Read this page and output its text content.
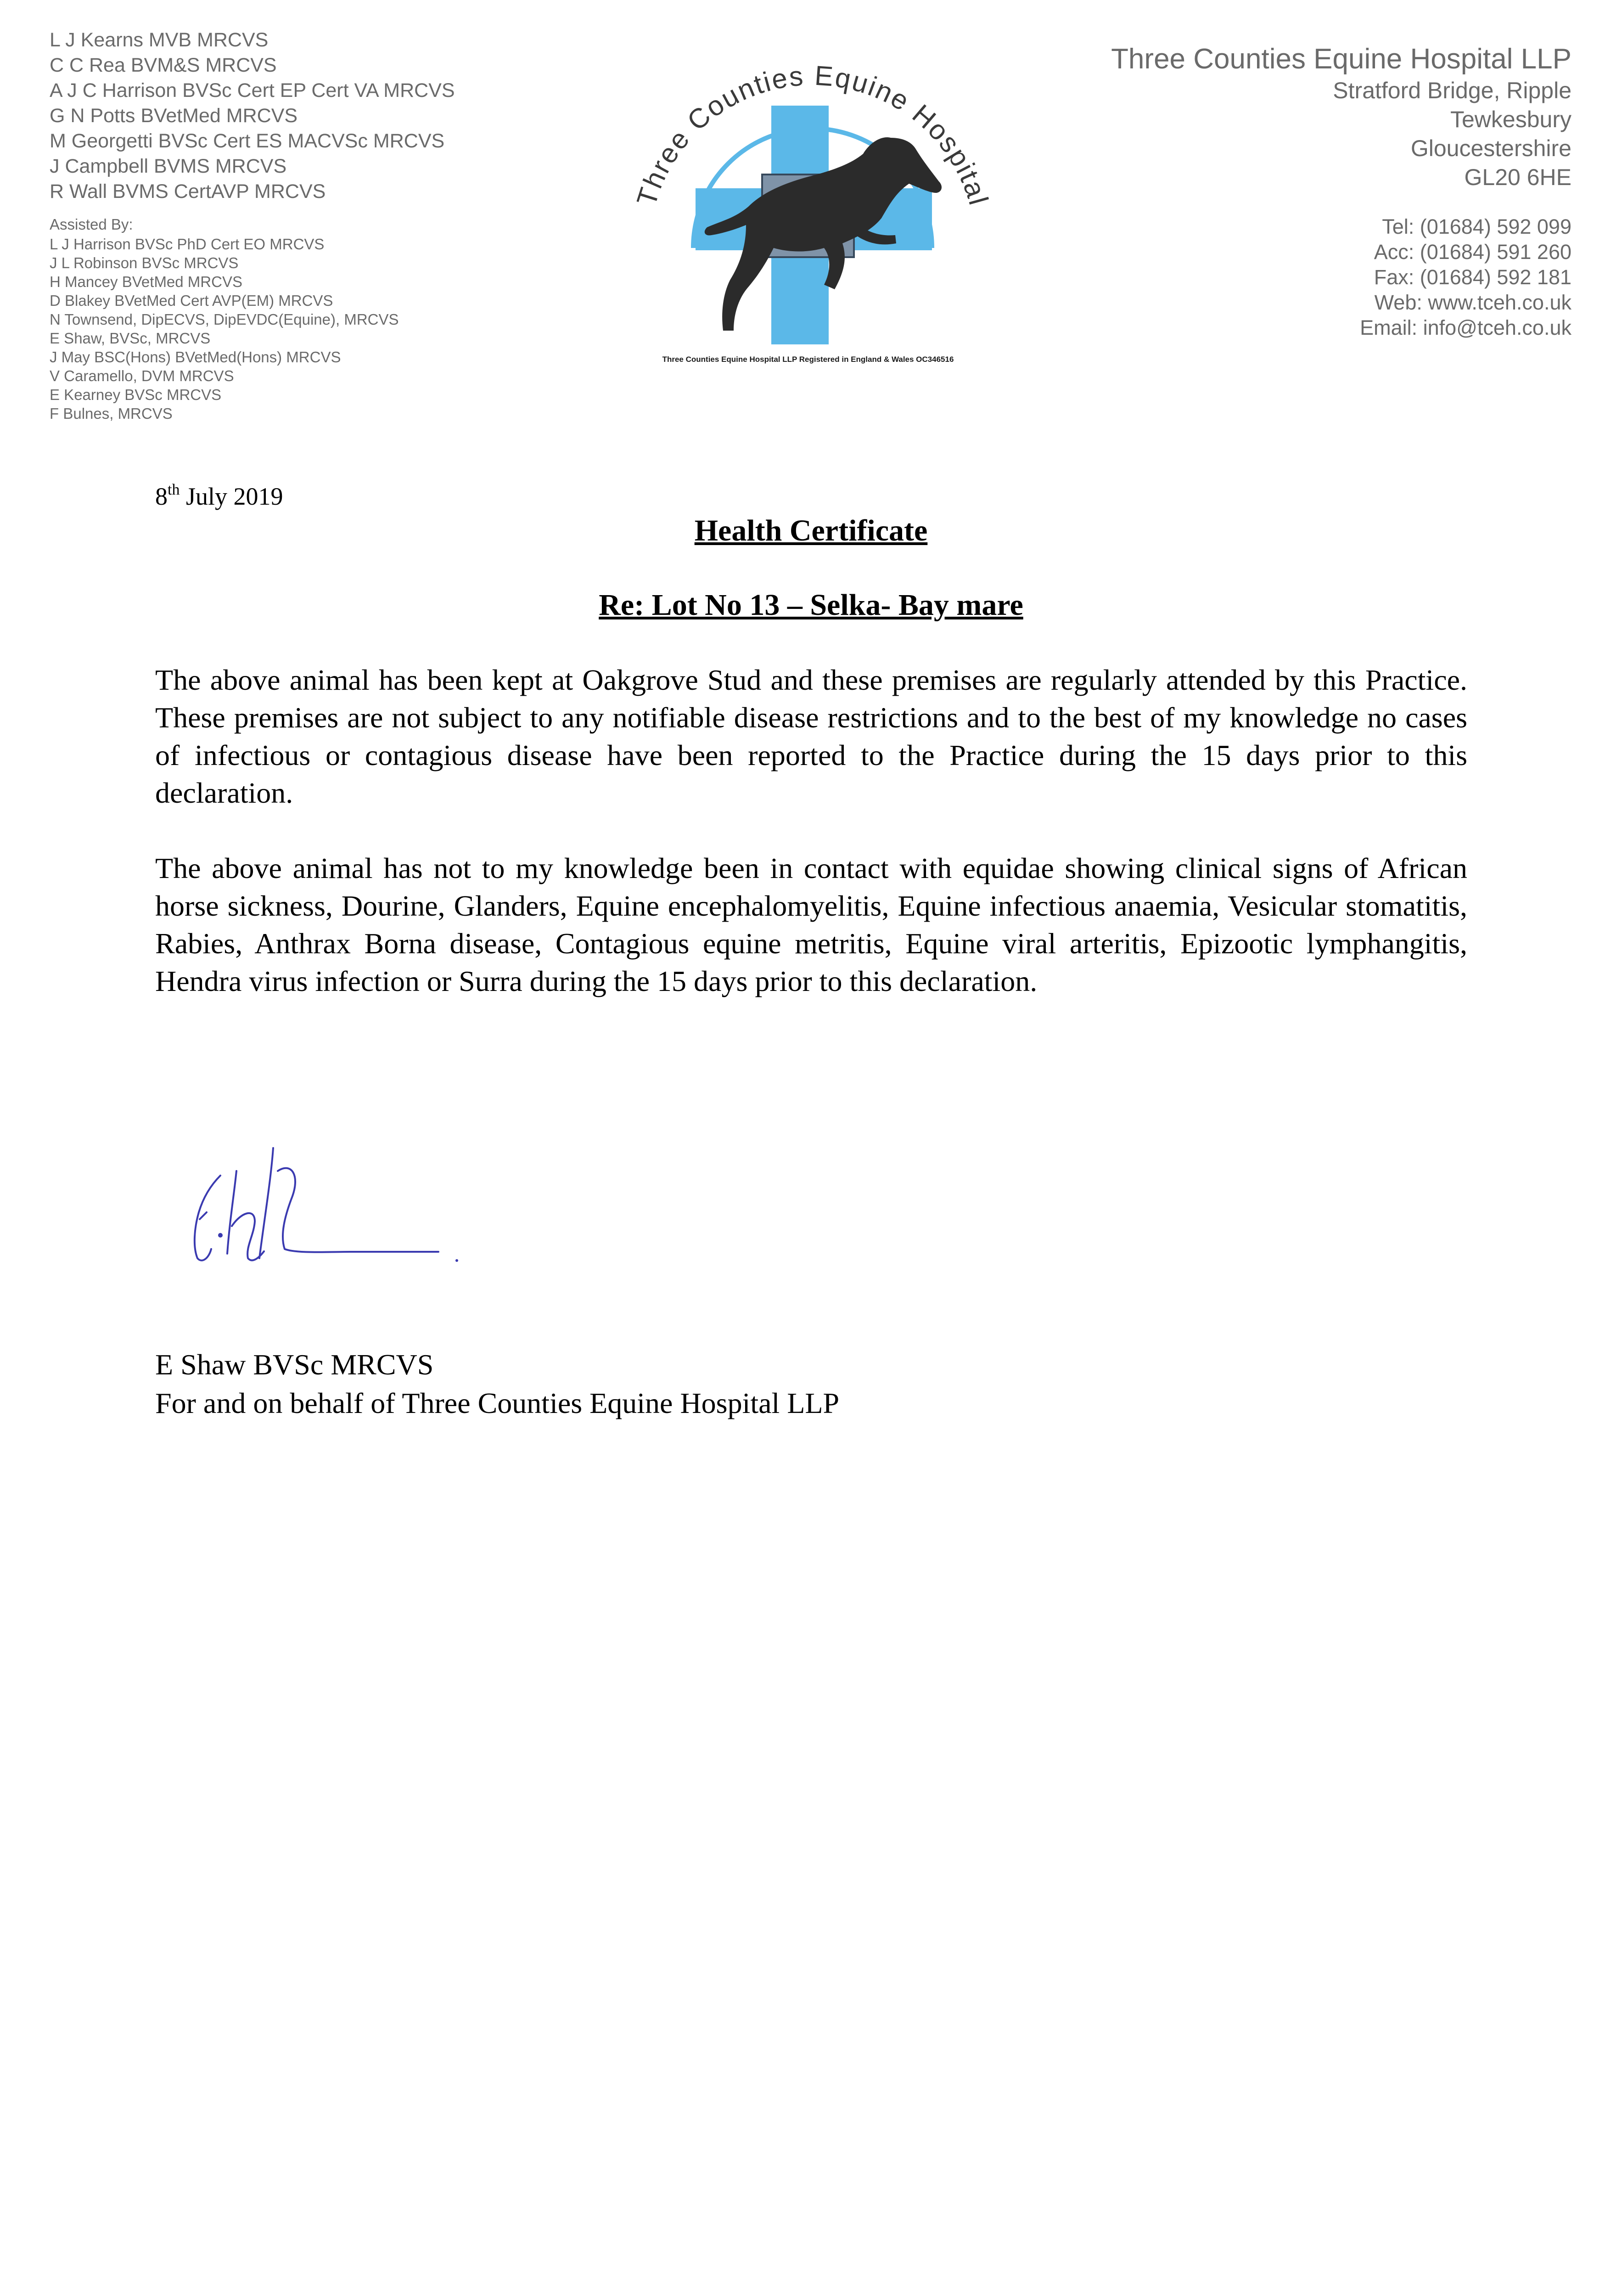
L J Kearns MVB MRCVS
C C Rea BVM&S MRCVS
A J C Harrison BVSc Cert EP Cert VA MRCVS
G N Potts BVetMed MRCVS
M Georgetti BVSc Cert ES MACVSc MRCVS
J Campbell BVMS MRCVS
R Wall BVMS CertAVP MRCVS
Assisted By:
L J Harrison BVSc PhD Cert EO MRCVS
J L Robinson BVSc MRCVS
H Mancey BVetMed MRCVS
D Blakey BVetMed Cert AVP(EM) MRCVS
N Townsend, DipECVS, DipEVDC(Equine), MRCVS
E Shaw, BVSc, MRCVS
J May BSC(Hons) BVetMed(Hons) MRCVS
V Caramello, DVM MRCVS
E Kearney BVSc MRCVS
F Bulnes, MRCVS
Three Counties Equine Hospital
Three Counties Equine Hospital LLP Registered in England & Wales OC346516
Three Counties Equine Hospital LLP
Stratford Bridge, Ripple
Tewkesbury
Gloucestershire
GL20 6HE
Tel: (01684) 592 099
Acc: (01684) 591 260
Fax: (01684) 592 181
Web: www.tceh.co.uk
Email: info@tceh.co.uk
8th July 2019
Health Certificate
Re: Lot No 13 – Selka- Bay mare
The above animal has been kept at Oakgrove Stud and these premises are regularly attended by this Practice. These premises are not subject to any notifiable disease restrictions and to the best of my knowledge no cases of infectious or contagious disease have been reported to the Practice during the 15 days prior to this declaration.
The above animal has not to my knowledge been in contact with equidae showing clinical signs of African horse sickness, Dourine, Glanders, Equine encephalomyelitis, Equine infectious anaemia, Vesicular stomatitis, Rabies, Anthrax Borna disease, Contagious equine metritis, Equine viral arteritis, Epizootic lymphangitis, Hendra virus infection or Surra during the 15 days prior to this declaration.
E Shaw BVSc MRCVS
For and on behalf of Three Counties Equine Hospital LLP
